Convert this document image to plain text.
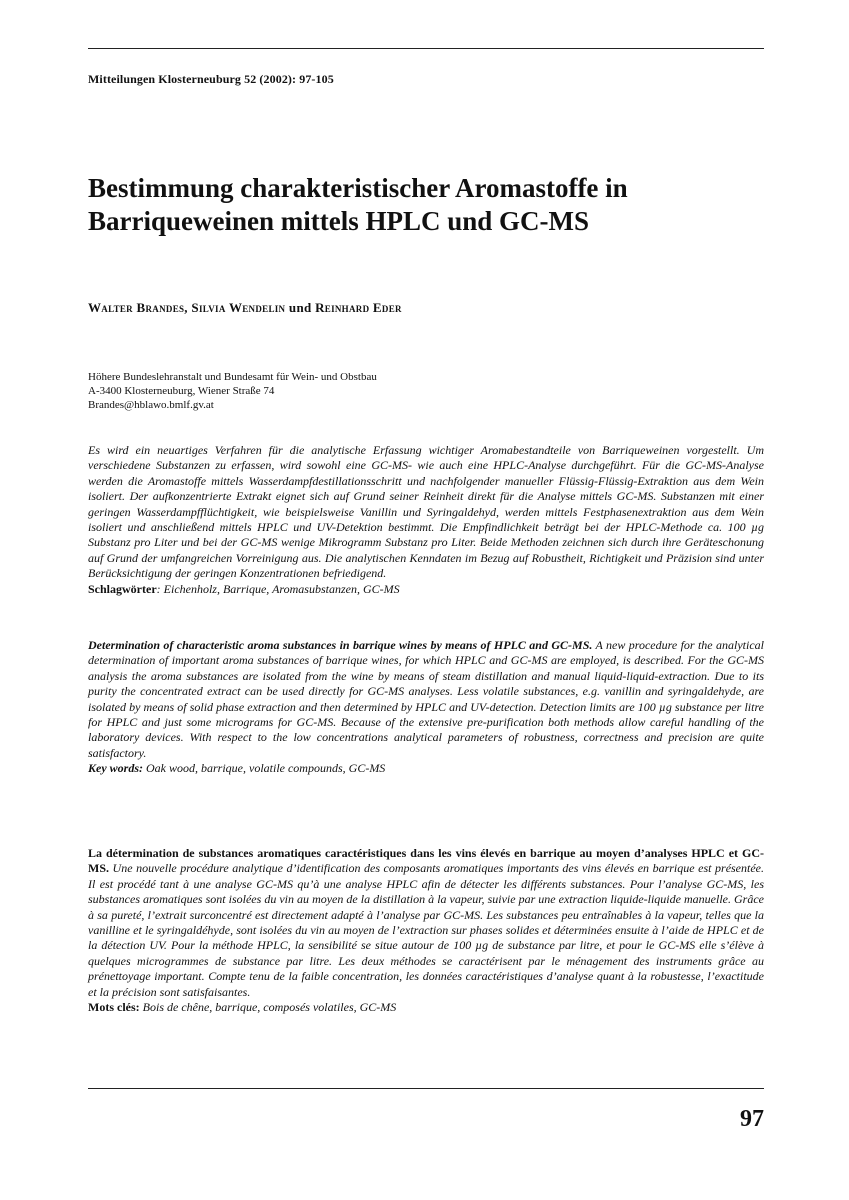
Mitteilungen Klosterneuburg 52 (2002): 97-105
Bestimmung charakteristischer Aromastoffe in Barriqueweinen mittels HPLC und GC-MS
Walter Brandes, Silvia Wendelin und Reinhard Eder
Höhere Bundeslehranstalt und Bundesamt für Wein- und Obstbau
A-3400 Klosterneuburg, Wiener Straße 74
Brandes@hblawo.bmlf.gv.at

Es wird ein neuartiges Verfahren für die analytische Erfassung wichtiger Aromabestandteile von Barriqueweinen vorgestellt. Um verschiedene Substanzen zu erfassen, wird sowohl eine GC-MS- wie auch eine HPLC-Analyse durchgeführt. Für die GC-MS-Analyse werden die Aromastoffe mittels Wasserdampfdestillationsschritt und nachfolgender manueller Flüssig-Flüssig-Extraktion aus dem Wein isoliert. Der aufkonzentrierte Extrakt eignet sich auf Grund seiner Reinheit direkt für die Analyse mittels GC-MS. Substanzen mit einer geringen Wasserdampfflüchtigkeit, wie beispielsweise Vanillin und Syringaldehyd, werden mittels Festphasenextraktion aus dem Wein isoliert und anschließend mittels HPLC und UV-Detektion bestimmt. Die Empfindlichkeit beträgt bei der HPLC-Methode ca. 100 µg Substanz pro Liter und bei der GC-MS wenige Mikrogramm Substanz pro Liter. Beide Methoden zeichnen sich durch ihre Geräteschonung auf Grund der umfangreichen Vorreinigung aus. Die analytischen Kenndaten im Bezug auf Robustheit, Richtigkeit und Präzision sind unter Berücksichtigung der geringen Konzentrationen befriedigend.

Schlagwörter: Eichenholz, Barrique, Aromasubstanzen, GC-MS

Determination of characteristic aroma substances in barrique wines by means of HPLC and GC-MS. A new procedure for the analytical determination of important aroma substances of barrique wines, for which HPLC and GC-MS are employed, is described. For the GC-MS analysis the aroma substances are isolated from the wine by means of steam distillation and manual liquid-liquid-extraction. Due to its purity the concentrated extract can be used directly for GC-MS analyses. Less volatile substances, e.g. vanillin and syringaldehyde, are isolated by means of solid phase extraction and then determined by HPLC and UV-detection. Detection limits are 100 µg substance per litre for HPLC and just some micrograms for GC-MS. Because of the extensive pre-purification both methods allow careful handling of the laboratory devices. With respect to the low concentrations analytical parameters of robustness, correctness and precision are quite satisfactory.

Key words: Oak wood, barrique, volatile compounds, GC-MS

La détermination de substances aromatiques caractéristiques dans les vins élevés en barrique au moyen d’analyses HPLC et GC-MS. Une nouvelle procédure analytique d’identification des composants aromatiques importants des vins élevés en barrique est présentée. Il est procédé tant à une analyse GC-MS qu’à une analyse HPLC afin de détecter les différents substances. Pour l’analyse GC-MS, les substances aromatiques sont isolées du vin au moyen de la distillation à la vapeur, suivie par une extraction liquide-liquide manuelle. Grâce à sa pureté, l’extrait surconcentré est directement adapté à l’analyse par GC-MS. Les substances peu entraînables à la vapeur, telles que la vanilline et le syringaldéhyde, sont isolées du vin au moyen de l’extraction sur phases solides et déterminées ensuite à l’aide de HPLC et de la détection UV. Pour la méthode HPLC, la sensibilité se situe autour de 100 µg de substance par litre, et pour le GC-MS elle s’élève à quelques microgrammes de substance par litre. Les deux méthodes se caractérisent par le ménagement des instruments grâce au prénettoyage important. Compte tenu de la faible concentration, les données caractéristiques d’analyse quant à la robustesse, l’exactitude et la précision sont satisfaisantes.

Mots clés: Bois de chêne, barrique, composés volatiles, GC-MS

97
